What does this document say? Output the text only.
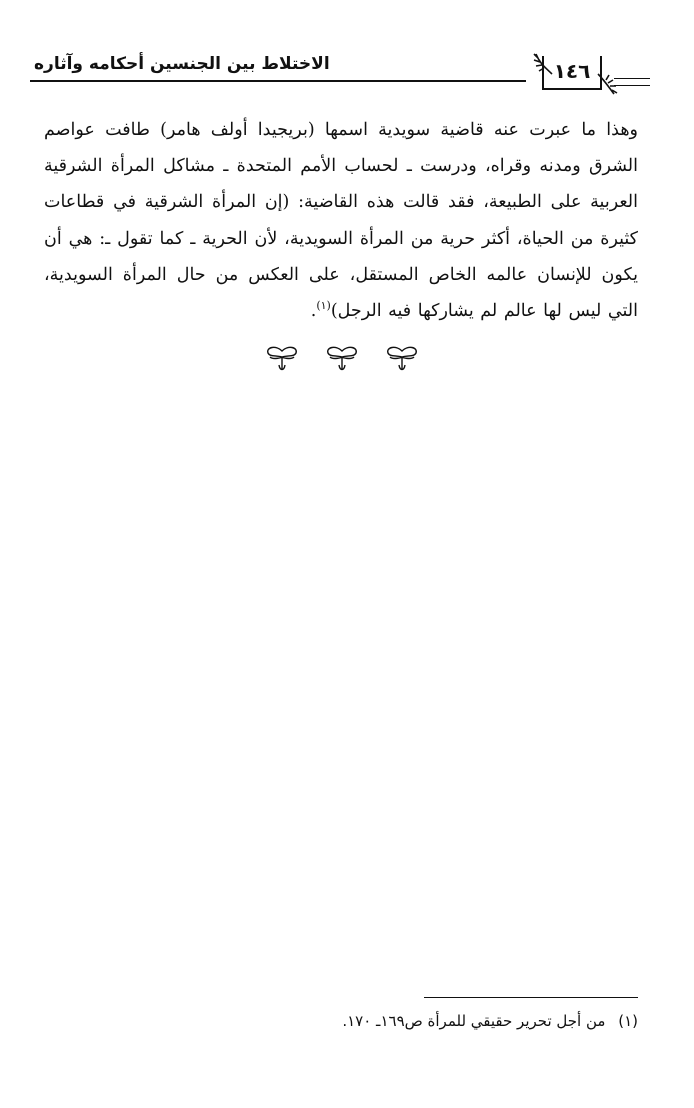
الاختلاط بين الجنسين أحكامه وآثاره	١٤٦
وهذا ما عبرت عنه قاضية سويدية اسمها (بريجيدا أولف هامر) طافت عواصم الشرق ومدنه وقراه، ودرست ـ لحساب الأمم المتحدة ـ مشاكل المرأة الشرقية العربية على الطبيعة، فقد قالت هذه القاضية: (إن المرأة الشرقية في قطاعات كثيرة من الحياة، أكثر حرية من المرأة السويدية، لأن الحرية ـ كما تقول ـ: هي أن يكون للإنسان عالمه الخاص المستقل، على العكس من حال المرأة السويدية، التي ليس لها عالم لم يشاركها فيه الرجل)$^{(١)}$.
(١) من أجل تحرير حقيقي للمرأة ص١٦٩ـ ١٧٠.
